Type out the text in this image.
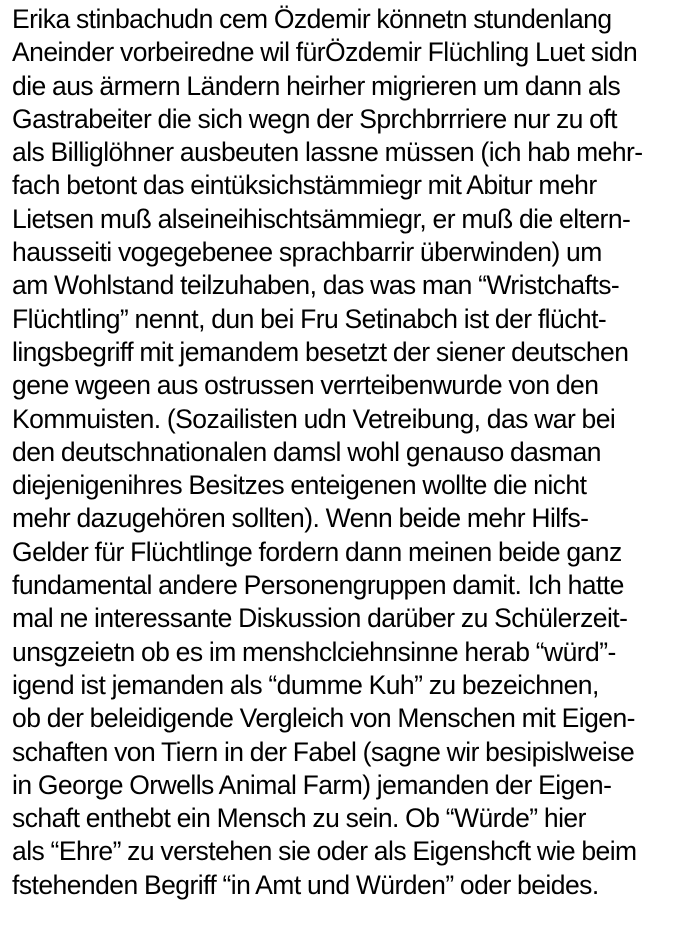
Erika stinbachudn cem Özdemir könnetn stundenlang
Aneinder vorbeiredne wil fürÖzdemir Flüchling Luet sidn
die aus ärmern Ländern heirher migrieren um dann als
Gastrabeiter die sich wegn der Sprchbrrriere nur zu oft
als Billiglöhner ausbeuten lassne müssen (ich hab mehr-
fach betont das eintüksichstämmiegr mit Abitur mehr
Lietsen muß alseineihischtsämmiegr, er muß die eltern-
hausseiti vogegebenee sprachbarrir überwinden) um
am Wohlstand teilzuhaben, das was man “Wristchafts-
Flüchtling” nennt, dun bei Fru Setinabch ist der flücht-
lingsbegriff mit jemandem besetzt der siener deutschen
gene wgeen aus ostrussen verrteibenwurde von den
Kommuisten. (Sozailisten udn Vetreibung, das war bei
den deutschnationalen damsl wohl genauso dasman
diejenigenihres Besitzes enteigenen wollte die nicht
mehr dazugehören sollten). Wenn beide mehr Hilfs-
Gelder für Flüchtlinge fordern dann meinen beide ganz
fundamental andere Personengruppen damit. Ich hatte
mal ne interessante Diskussion darüber zu Schülerzeit-
unsgzeietn ob es im menshclciehnsinne herab “würd”-
igend ist jemanden als “dumme Kuh” zu bezeichnen,
ob der beleidigende Vergleich von Menschen mit Eigen-
schaften von Tiern in der Fabel (sagne wir besipislweise
in George Orwells Animal Farm) jemanden der Eigen-
schaft enthebt ein Mensch zu sein. Ob “Würde” hier
als “Ehre” zu verstehen sie oder als Eigenshcft wie beim
fstehenden Begriff “in Amt und Würden” oder beides.
